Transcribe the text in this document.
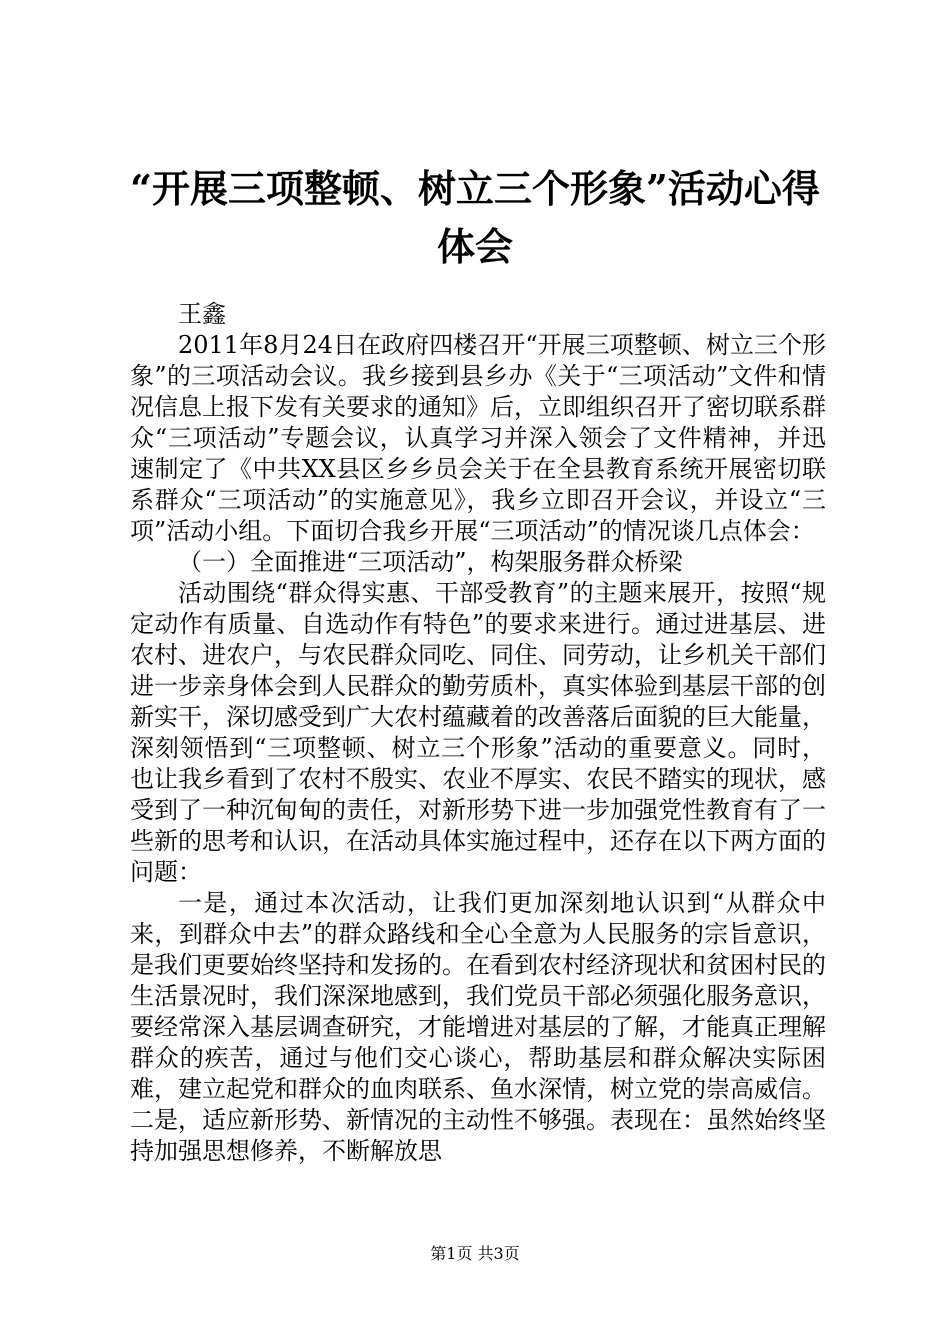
“开展三项整顿、树立三个形象”活动心得体会

王鑫

2011年8月24日在政府四楼召开“开展三项整顿、树立三个形象”的三项活动会议。我乡接到县乡办《关于“三项活动”文件和情况信息上报下发有关要求的通知》后，立即组织召开了密切联系群众“三项活动”专题会议，认真学习并深入领会了文件精神，并迅速制定了《中共XX县区乡乡员会关于在全县教育系统开展密切联系群众“三项活动”的实施意见》，我乡立即召开会议，并设立“三项”活动小组。下面切合我乡开展“三项活动”的情况谈几点体会：

（一）全面推进“三项活动”，构架服务群众桥梁

活动围绕“群众得实惠、干部受教育”的主题来展开，按照“规定动作有质量、自选动作有特色”的要求来进行。通过进基层、进农村、进农户，与农民群众同吃、同住、同劳动，让乡机关干部们进一步亲身体会到人民群众的勤劳质朴，真实体验到基层干部的创新实干，深切感受到广大农村蕴藏着的改善落后面貌的巨大能量，深刻领悟到“三项整顿、树立三个形象”活动的重要意义。同时，也让我乡看到了农村不殷实、农业不厚实、农民不踏实的现状，感受到了一种沉甸甸的责任，对新形势下进一步加强党性教育有了一些新的思考和认识，在活动具体实施过程中，还存在以下两方面的问题：

一是，通过本次活动，让我们更加深刻地认识到“从群众中来，到群众中去”的群众路线和全心全意为人民服务的宗旨意识，是我们更要始终坚持和发扬的。在看到农村经济现状和贫困村民的生活景况时，我们深深地感到，我们党员干部必须强化服务意识，要经常深入基层调查研究，才能增进对基层的了解，才能真正理解群众的疾苦，通过与他们交心谈心，帮助基层和群众解决实际困难，建立起党和群众的血肉联系、鱼水深情，树立党的崇高威信。二是，适应新形势、新情况的主动性不够强。表现在：虽然始终坚持加强思想修养，不断解放思

第1页 共3页
